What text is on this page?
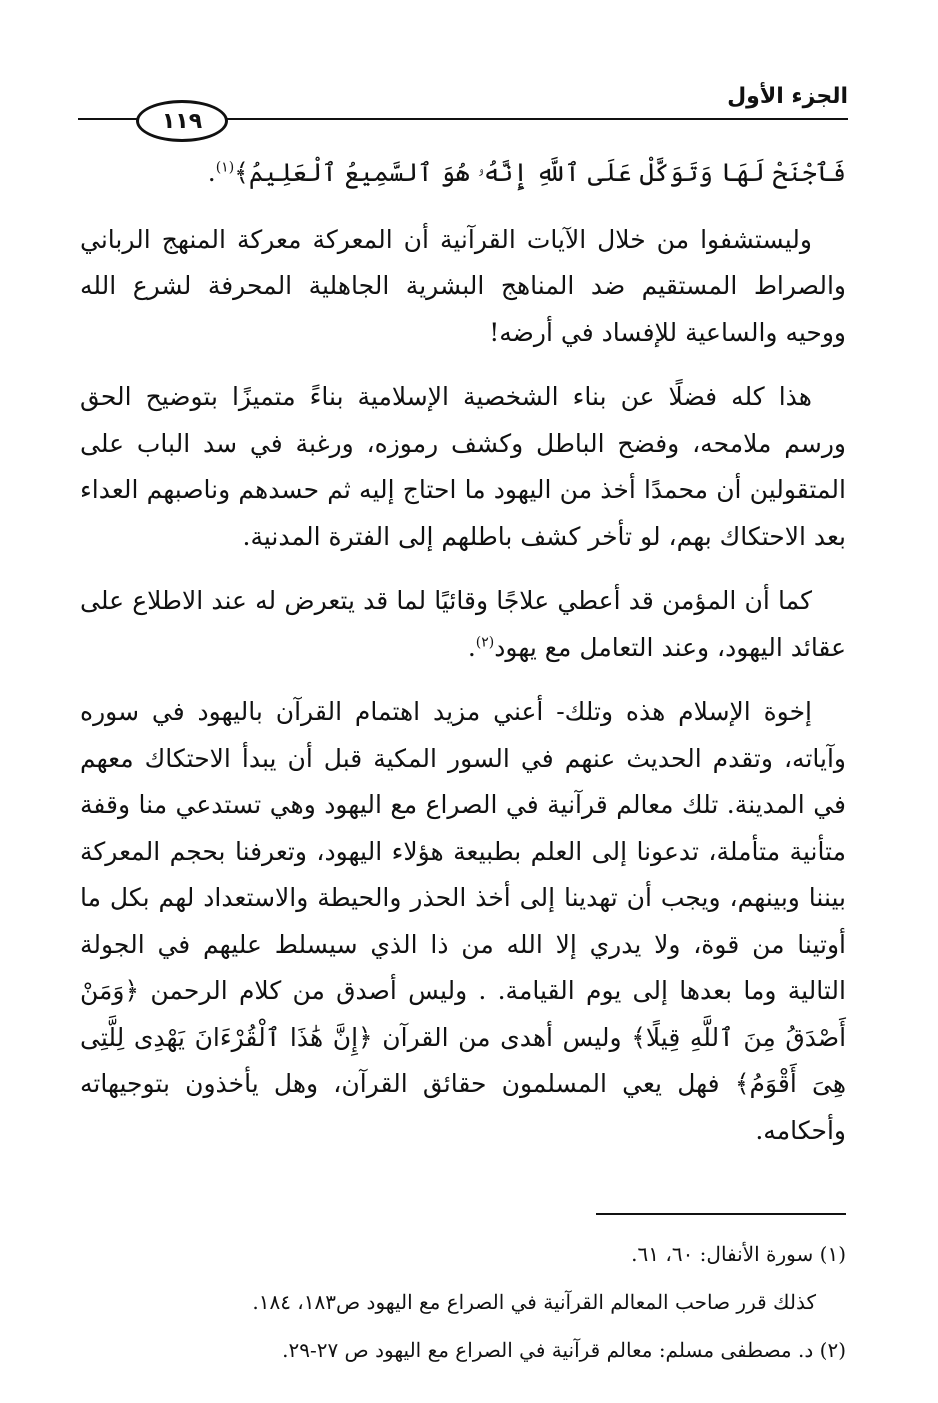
الجزء الأول
١١٩

فَٱجْنَحْ لَهَا وَتَوَكَّلْ عَلَى ٱللَّهِ إِنَّهُۥ هُوَ ٱلسَّمِيعُ ٱلْعَلِيمُ﴾$^{(١)}$.

وليستشفوا من خلال الآيات القرآنية أن المعركة معركة المنهج الرباني والصراط المستقيم ضد المناهج البشرية الجاهلية المحرفة لشرع الله ووحيه والساعية للإفساد في أرضه!

هذا كله فضلًا عن بناء الشخصية الإسلامية بناءً متميزًا بتوضيح الحق ورسم ملامحه، وفضح الباطل وكشف رموزه، ورغبة في سد الباب على المتقولين أن محمدًا أخذ من اليهود ما احتاج إليه ثم حسدهم وناصبهم العداء بعد الاحتكاك بهم، لو تأخر كشف باطلهم إلى الفترة المدنية.

كما أن المؤمن قد أعطي علاجًا وقائيًا لما قد يتعرض له عند الاطلاع على عقائد اليهود، وعند التعامل مع يهود$^{(٢)}$.

إخوة الإسلام هذه وتلك- أعني مزيد اهتمام القرآن باليهود في سوره وآياته، وتقدم الحديث عنهم في السور المكية قبل أن يبدأ الاحتكاك معهم في المدينة. تلك معالم قرآنية في الصراع مع اليهود وهي تستدعي منا وقفة متأنية متأملة، تدعونا إلى العلم بطبيعة هؤلاء اليهود، وتعرفنا بحجم المعركة بيننا وبينهم، ويجب أن تهدينا إلى أخذ الحذر والحيطة والاستعداد لهم بكل ما أوتينا من قوة، ولا يدري إلا الله من ذا الذي سيسلط عليهم في الجولة التالية وما بعدها إلى يوم القيامة. . وليس أصدق من كلام الرحمن ﴿وَمَنْ أَصْدَقُ مِنَ ٱللَّهِ قِيلًا﴾ وليس أهدى من القرآن ﴿إِنَّ هَٰذَا ٱلْقُرْءَانَ يَهْدِى لِلَّتِى هِىَ أَقْوَمُ﴾ فهل يعي المسلمون حقائق القرآن، وهل يأخذون بتوجيهاته وأحكامه.

(١) سورة الأنفال: ٦٠، ٦١.

كذلك قرر صاحب المعالم القرآنية في الصراع مع اليهود ص١٨٣، ١٨٤.

(٢) د. مصطفى مسلم: معالم قرآنية في الصراع مع اليهود ص ٢٧-٢٩.
